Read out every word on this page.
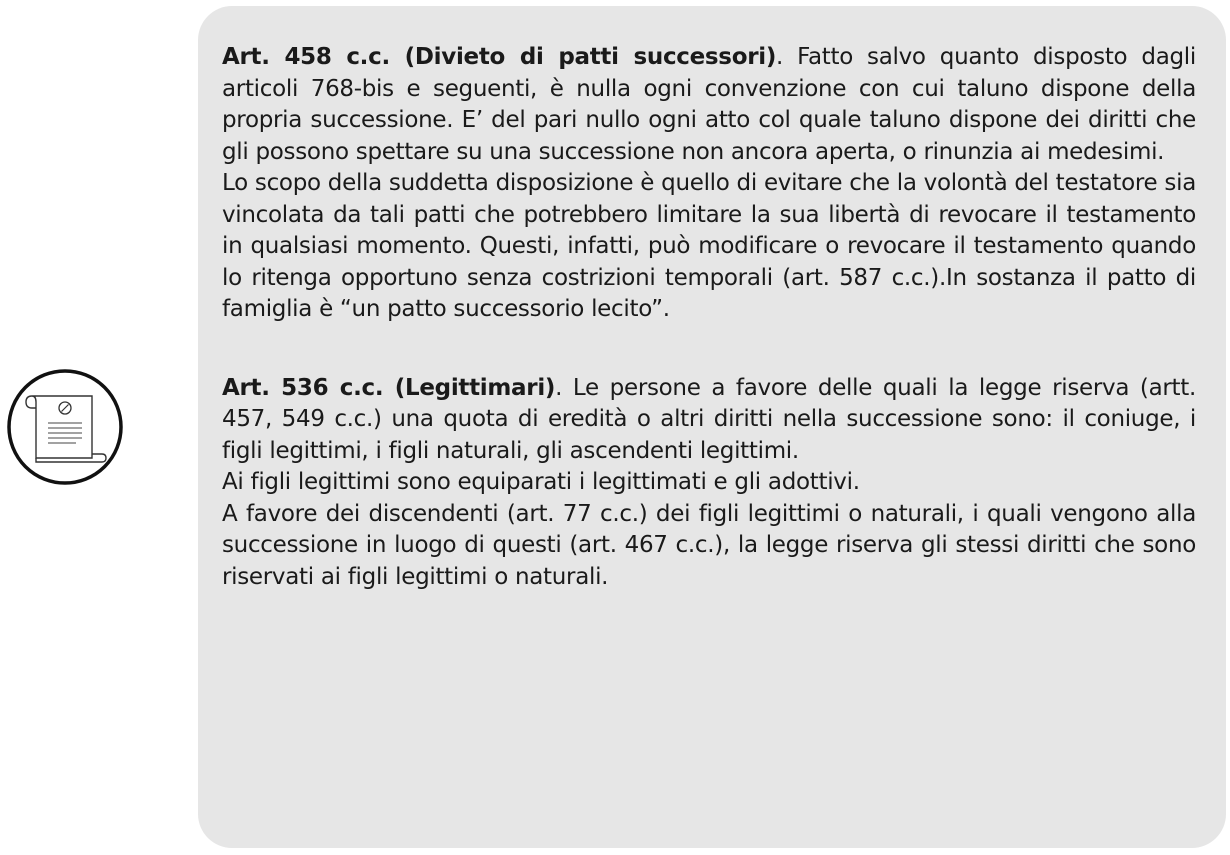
Art. 458 c.c. (Divieto di patti successori). Fatto salvo quanto disposto dagli articoli 768-bis e seguenti, è nulla ogni convenzione con cui taluno dispone della propria successione. E’ del pari nullo ogni atto col quale taluno dispone dei diritti che gli possono spettare su una successione non ancora aperta, o rinunzia ai medesimi.

Lo scopo della suddetta disposizione è quello di evitare che la volontà del testatore sia vincolata da tali patti che potrebbero limitare la sua libertà di revocare il testamento in qualsiasi momento. Questi, infatti, può modificare o revocare il testamento quando lo ritenga opportuno senza costrizioni temporali (art. 587 c.c.).In sostanza il patto di famiglia è “un patto successorio lecito”.

Art. 536 c.c. (Legittimari). Le persone a favore delle quali la legge riserva (artt. 457, 549 c.c.) una quota di eredità o altri diritti nella successione sono: il coniuge, i figli legittimi, i figli naturali, gli ascendenti legittimi.

Ai figli legittimi sono equiparati i legittimati e gli adottivi.

A favore dei discendenti (art. 77 c.c.) dei figli legittimi o naturali, i quali vengono alla successione in luogo di questi (art. 467 c.c.), la legge riserva gli stessi diritti che sono riservati ai figli legittimi o naturali.
